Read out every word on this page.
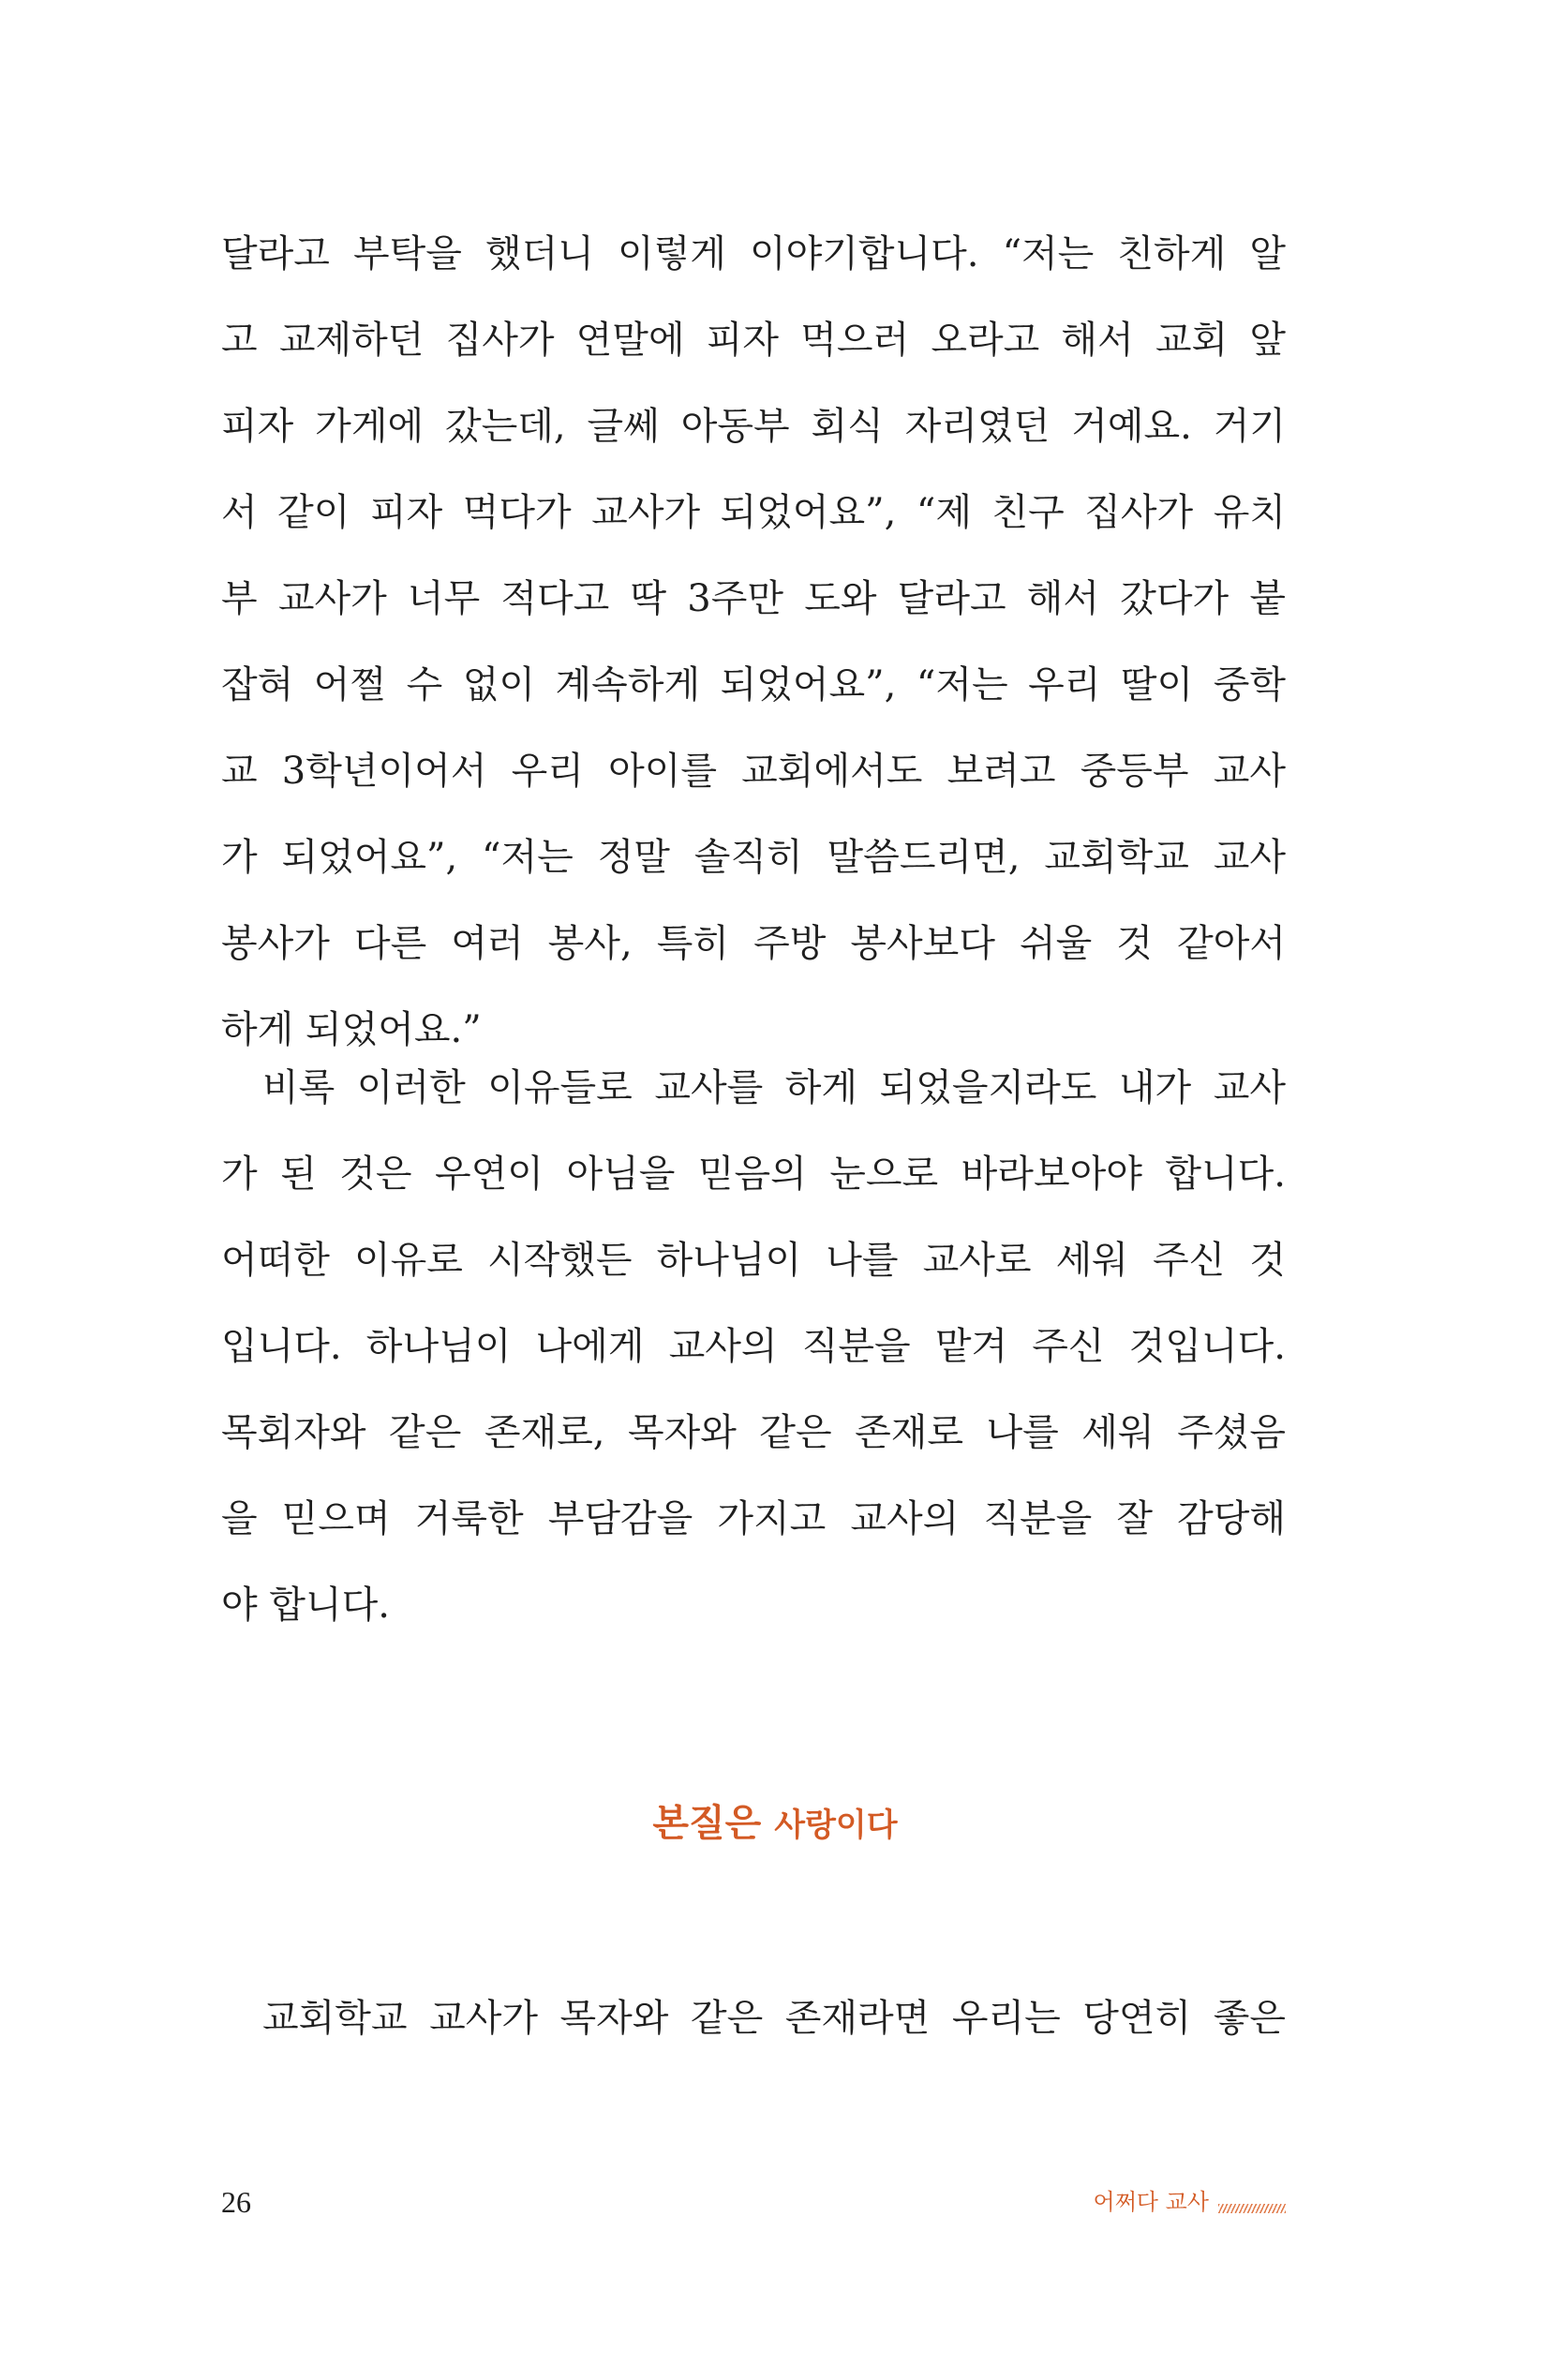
달라고 부탁을 했더니 이렇게 이야기합니다. “저는 친하게 알
고 교제하던 집사가 연말에 피자 먹으러 오라고 해서 교회 앞
피자 가게에 갔는데, 글쎄 아동부 회식 자리였던 거예요. 거기
서 같이 피자 먹다가 교사가 되었어요”, “제 친구 집사가 유치
부 교사가 너무 적다고 딱 3주만 도와 달라고 해서 갔다가 붙
잡혀 어쩔 수 없이 계속하게 되었어요”, “저는 우리 딸이 중학
교 3학년이어서 우리 아이를 교회에서도 보려고 중등부 교사
가 되었어요”, “저는 정말 솔직히 말씀드리면, 교회학교 교사
봉사가 다른 여러 봉사, 특히 주방 봉사보다 쉬울 것 같아서
하게 되었어요.”
비록 이러한 이유들로 교사를 하게 되었을지라도 내가 교사
가 된 것은 우연이 아님을 믿음의 눈으로 바라보아야 합니다.
어떠한 이유로 시작했든 하나님이 나를 교사로 세워 주신 것
입니다. 하나님이 나에게 교사의 직분을 맡겨 주신 것입니다.
목회자와 같은 존재로, 목자와 같은 존재로 나를 세워 주셨음
을 믿으며 거룩한 부담감을 가지고 교사의 직분을 잘 감당해
야 합니다.
본질은 사랑이다
교회학교 교사가 목자와 같은 존재라면 우리는 당연히 좋은
26	어쩌다 교사
